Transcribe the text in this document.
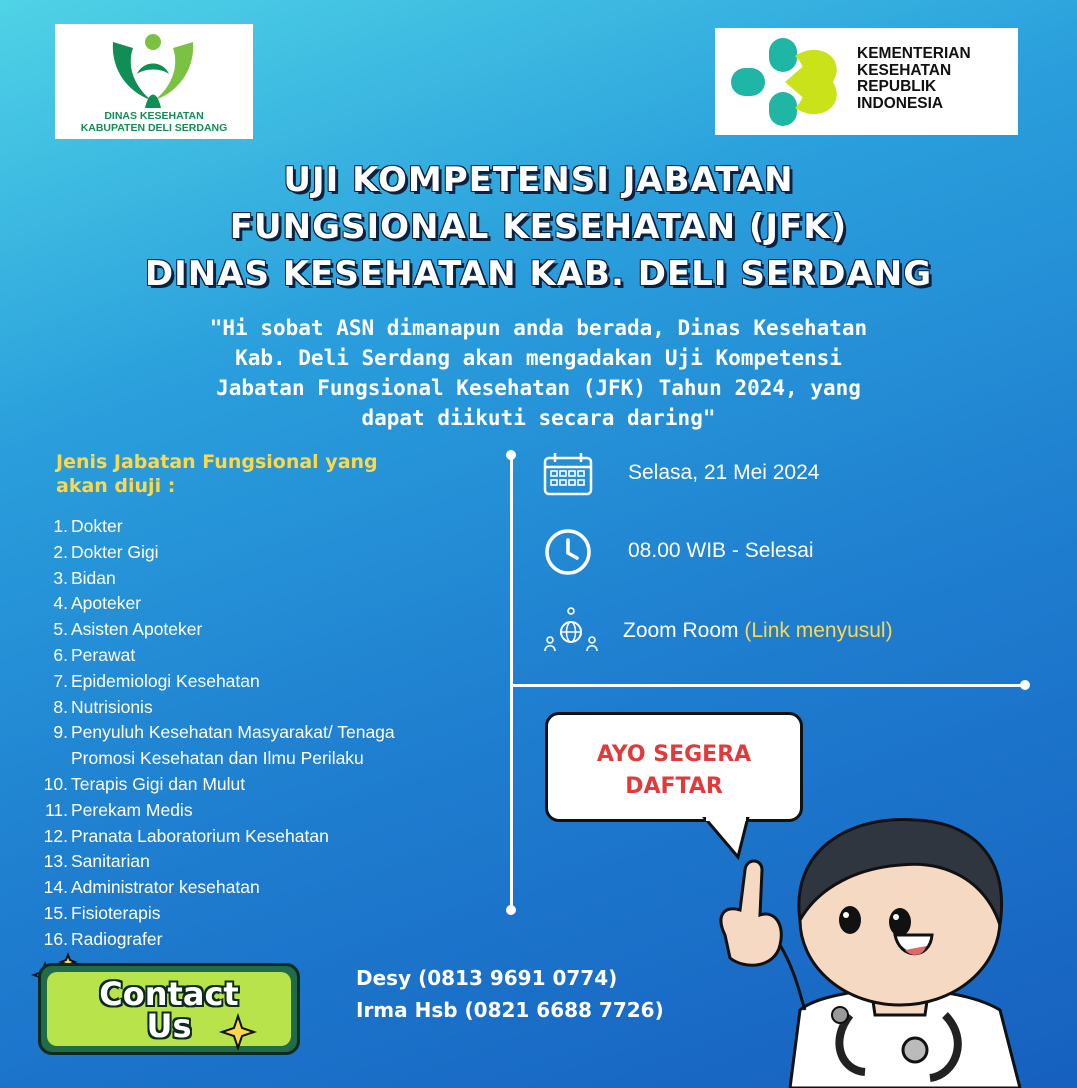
DINAS KESEHATAN
KABUPATEN DELI SERDANG
KEMENTERIAN
KESEHATAN
REPUBLIK
INDONESIA
UJI KOMPETENSI JABATAN
FUNGSIONAL KESEHATAN (JFK)
DINAS KESEHATAN KAB. DELI SERDANG
"Hi sobat ASN dimanapun anda berada, Dinas Kesehatan
Kab. Deli Serdang akan mengadakan Uji Kompetensi
Jabatan Fungsional Kesehatan (JFK) Tahun 2024, yang
dapat diikuti secara daring"
Jenis Jabatan Fungsional yang
akan diuji :
1. Dokter
2. Dokter Gigi
3. Bidan
4. Apoteker
5. Asisten Apoteker
6. Perawat
7. Epidemiologi Kesehatan
8. Nutrisionis
9. Penyuluh Kesehatan Masyarakat/ Tenaga
Promosi Kesehatan dan Ilmu Perilaku
10. Terapis Gigi dan Mulut
11. Perekam Medis
12. Pranata Laboratorium Kesehatan
13. Sanitarian
14. Administrator kesehatan
15. Fisioterapis
16. Radiografer
Selasa, 21 Mei 2024
08.00 WIB - Selesai
Zoom Room (Link menyusul)
AYO SEGERA
DAFTAR
Contact
Us
Desy (0813 9691 0774)
Irma Hsb (0821 6688 7726)
